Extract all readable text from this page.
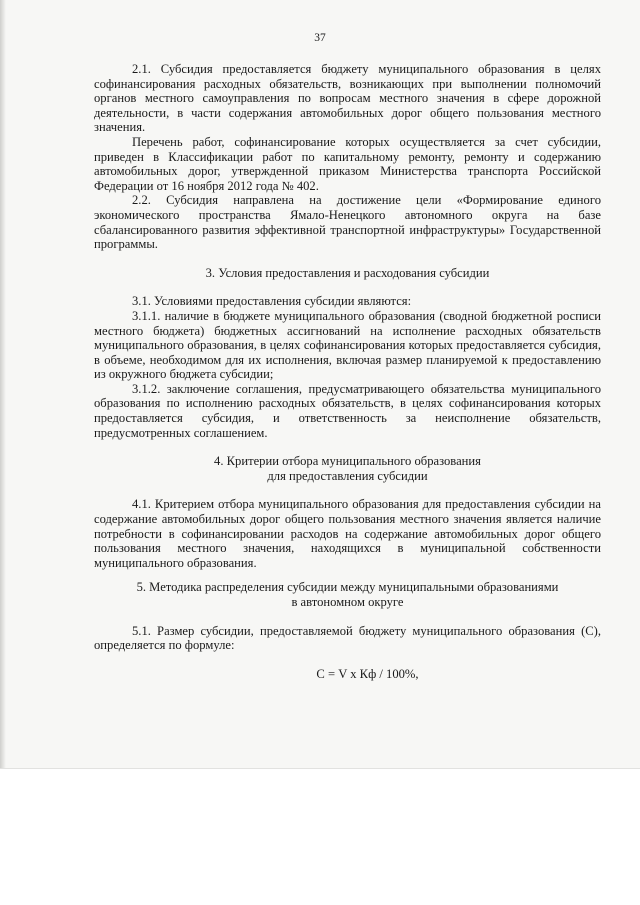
37

2.1. Субсидия предоставляется бюджету муниципального образования в целях софинансирования расходных обязательств, возникающих при выполнении полномочий органов местного самоуправления по вопросам местного значения в сфере дорожной деятельности, в части содержания автомобильных дорог общего пользования местного значения.

Перечень работ, софинансирование которых осуществляется за счет субсидии, приведен в Классификации работ по капитальному ремонту, ремонту и содержанию автомобильных дорог, утвержденной приказом Министерства транспорта Российской Федерации от 16 ноября 2012 года № 402.

2.2. Субсидия направлена на достижение цели «Формирование единого экономического пространства Ямало-Ненецкого автономного округа на базе сбалансированного развития эффективной транспортной инфраструктуры» Государственной программы.

3. Условия предоставления и расходования субсидии

3.1. Условиями предоставления субсидии являются:

3.1.1. наличие в бюджете муниципального образования (сводной бюджетной росписи местного бюджета) бюджетных ассигнований на исполнение расходных обязательств муниципального образования, в целях софинансирования которых предоставляется субсидия, в объеме, необходимом для их исполнения, включая размер планируемой к предоставлению из окружного бюджета субсидии;

3.1.2. заключение соглашения, предусматривающего обязательства муниципального образования по исполнению расходных обязательств, в целях софинансирования которых предоставляется субсидия, и ответственность за неисполнение обязательств, предусмотренных соглашением.

4. Критерии отбора муниципального образования
для предоставления субсидии

4.1. Критерием отбора муниципального образования для предоставления субсидии на содержание автомобильных дорог общего пользования местного значения является наличие потребности в софинансировании расходов на содержание автомобильных дорог общего пользования местного значения, находящихся в муниципальной собственности муниципального образования.

5. Методика распределения субсидии между муниципальными образованиями
в автономном округе

5.1. Размер субсидии, предоставляемой бюджету муниципального образования (С), определяется по формуле:

С = V х Кф / 100%,
